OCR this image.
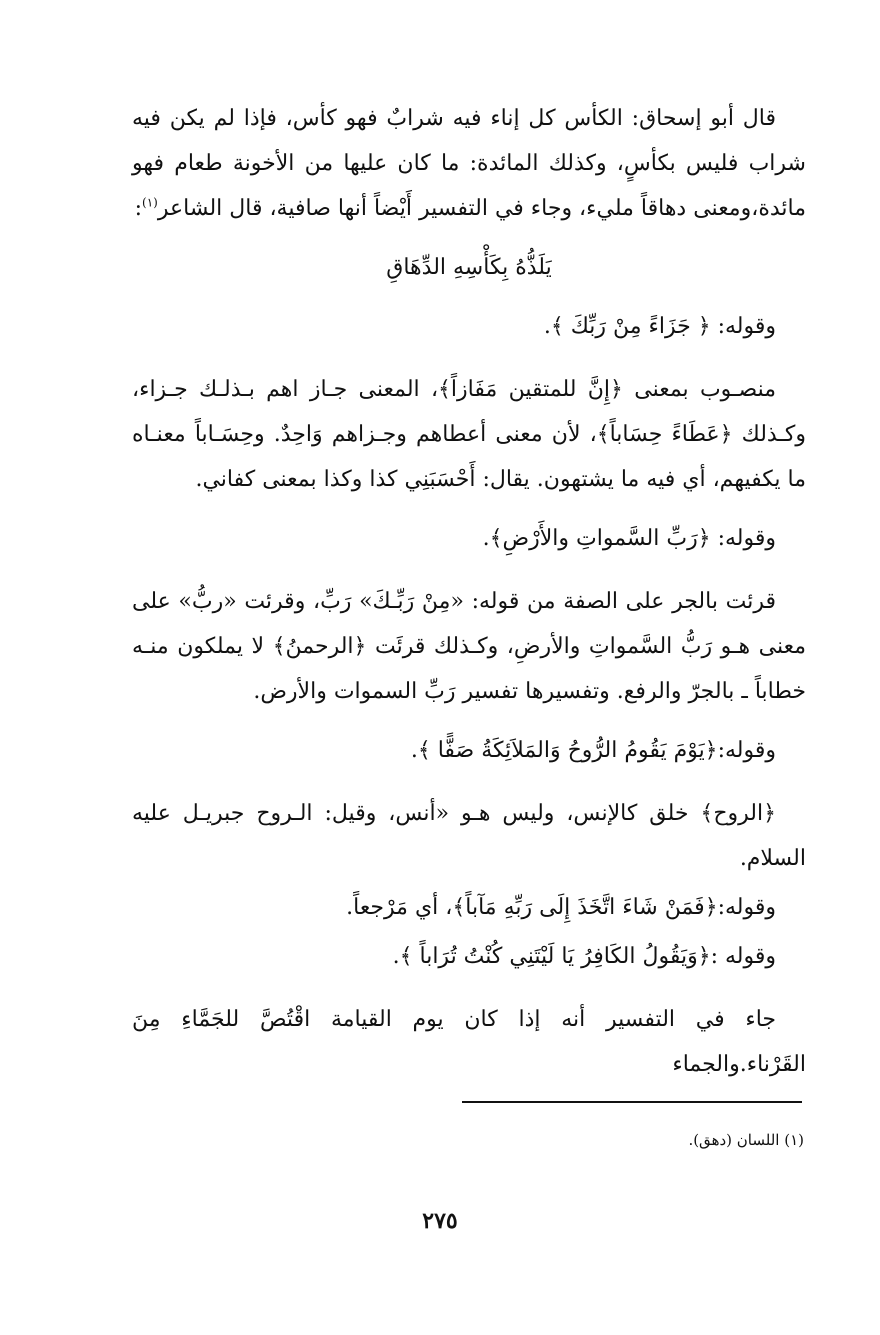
قال أبو إسحاق: الكأس كل إناء فيه شرابٌ فهو كأس، فإذا لم يكن فيه شراب فليس بكأسٍ، وكذلك المائدة: ما كان عليها من الأخونة طعام فهو مائدة،ومعنى دهاقاً مليء، وجاء في التفسير أَيْضاً أنها صافية، قال الشاعر$^{(١)}$:

يَلَذُّهُ بِكَأْسِهِ الدِّهَاقِ

وقوله: ﴿ جَزَاءً مِنْ رَبِّكَ ﴾.

منصـوب بمعنى ﴿إِنَّ للمتقين مَفَازاً﴾، المعنى جـاز اهم بـذلـك جـزاء، وكـذلك ﴿عَطَاءً حِسَاباً﴾، لأن معنى أعطاهم وجـزاهم وَاحِدٌ. وحِسَـاباً معنـاه ما يكفيهم، أي فيه ما يشتهون. يقال: أَحْسَبَنِي كذا وكذا بمعنى كفاني.

وقوله: ﴿رَبِّ السَّمواتِ والأَرْضِ﴾.

قرئت بالجر على الصفة من قوله: «مِنْ رَبِّـكَ» رَبِّ، وقرئت «ربُّ» على معنى هـو رَبُّ السَّمواتِ والأرضِ، وكـذلك قرئَت ﴿الرحمنُ﴾ لا يملكون منـه خطاباً ـ بالجرّ والرفع. وتفسيرها تفسير رَبِّ السموات والأرض.

وقوله:﴿يَوْمَ يَقُومُ الرُّوحُ وَالمَلاَئِكَةُ صَفًّا ﴾.

﴿الروح﴾ خلق كالإنس، وليس هـو «أنس، وقيل: الـروح جبريـل عليه السلام.

وقوله:﴿فَمَنْ شَاءَ اتَّخَذَ إِلَى رَبِّهِ مَآباً﴾، أي مَرْجعاً.

وقوله :﴿وَيَقُولُ الكَافِرُ يَا لَيْتَنِي كُنْتُ تُرَاباً ﴾.

جاء في التفسير أنه إذا كان يوم القيامة اقْتُصَّ للجَمَّاءِ مِنَ القَرْناء.والجماء

(١) اللسان (دهق).
٢٧٥
